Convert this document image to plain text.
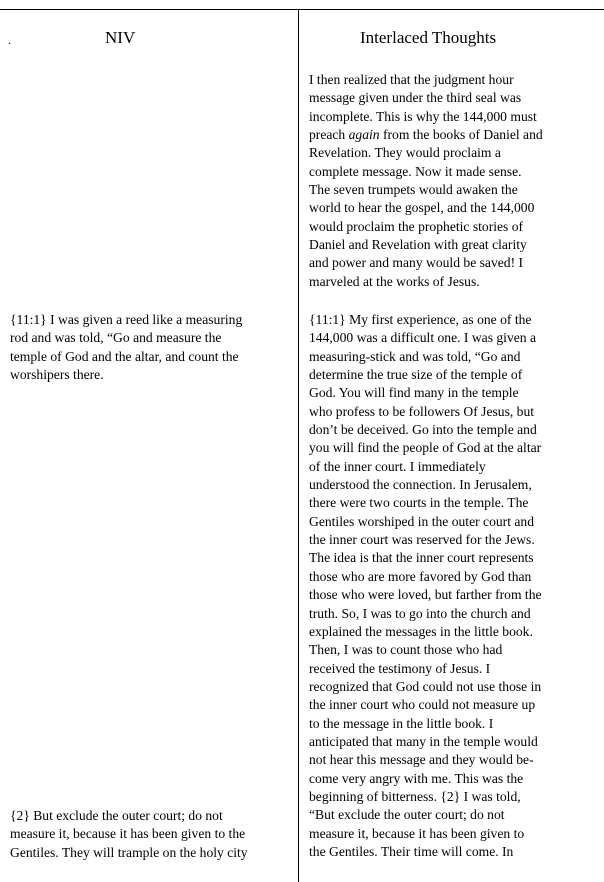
.	NIV	Interlaced Thoughts
I then realized that the judgment hour
message given under the third seal was
incomplete. This is why the 144,000 must
preach again from the books of Daniel and
Revelation. They would proclaim a
complete message. Now it made sense.
The seven trumpets would awaken the
world to hear the gospel, and the 144,000
would proclaim the prophetic stories of
Daniel and Revelation with great clarity
and power and many would be saved! I
marveled at the works of Jesus.
{11:1} I was given a reed like a measuring
rod and was told, “Go and measure the
temple of God and the altar, and count the
worshipers there.
{11:1} My first experience, as one of the
144,000 was a difficult one. I was given a
measuring-stick and was told, “Go and
determine the true size of the temple of
God. You will find many in the temple
who profess to be followers Of Jesus, but
don’t be deceived. Go into the temple and
you will find the people of God at the altar
of the inner court. I immediately
understood the connection. In Jerusalem,
there were two courts in the temple. The
Gentiles worshiped in the outer court and
the inner court was reserved for the Jews.
The idea is that the inner court represents
those who are more favored by God than
those who were loved, but farther from the
truth. So, I was to go into the church and
explained the messages in the little book.
Then, I was to count those who had
received the testimony of Jesus. I
recognized that God could not use those in
the inner court who could not measure up
to the message in the little book. I
anticipated that many in the temple would
not hear this message and they would be-
come very angry with me. This was the
beginning of bitterness. {2} I was told,
“But exclude the outer court; do not
measure it, because it has been given to
the Gentiles. Their time will come. In
{2} But exclude the outer court; do not
measure it, because it has been given to the
Gentiles. They will trample on the holy city
